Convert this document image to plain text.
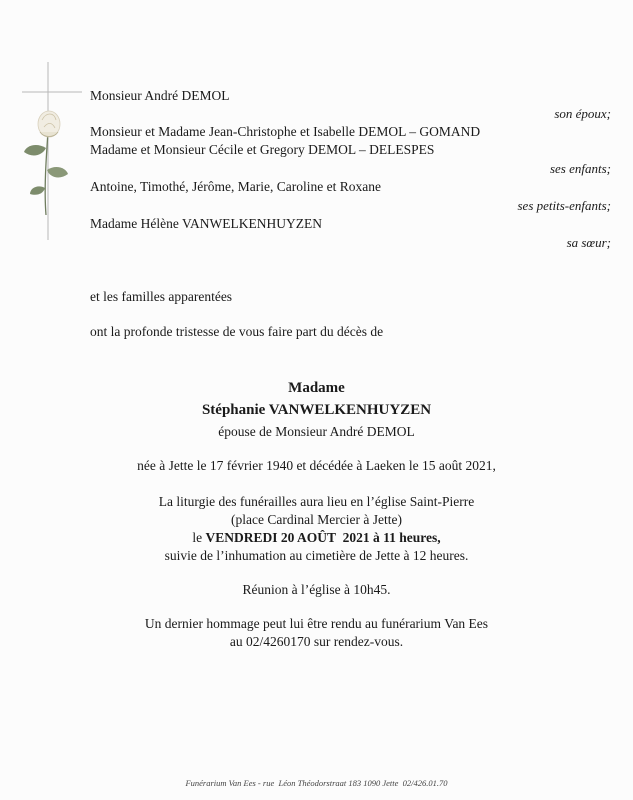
Monsieur André DEMOL
son époux;
Monsieur et Madame Jean-Christophe et Isabelle DEMOL – GOMAND
Madame et Monsieur Cécile et Gregory DEMOL – DELESPES
ses enfants;
Antoine, Timothé, Jérôme, Marie, Caroline et Roxane
ses petits-enfants;
Madame Hélène VANWELKENHUYZEN
sa sœur;
et les familles apparentées
ont la profonde tristesse de vous faire part du décès de
Madame
Stéphanie VANWELKENHUYZEN
épouse de Monsieur André DEMOL
née à Jette le 17 février 1940 et décédée à Laeken le 15 août 2021,
La liturgie des funérailles aura lieu en l’église Saint-Pierre
(place Cardinal Mercier à Jette)
le VENDREDI 20 AOÛT  2021 à 11 heures,
suivie de l’inhumation au cimetière de Jette à 12 heures.
Réunion à l’église à 10h45.
Un dernier hommage peut lui être rendu au funérarium Van Ees
au 02/4260170 sur rendez-vous.
Funérarium Van Ees - rue  Léon Théodorstraat 183 1090 Jette  02/426.01.70
